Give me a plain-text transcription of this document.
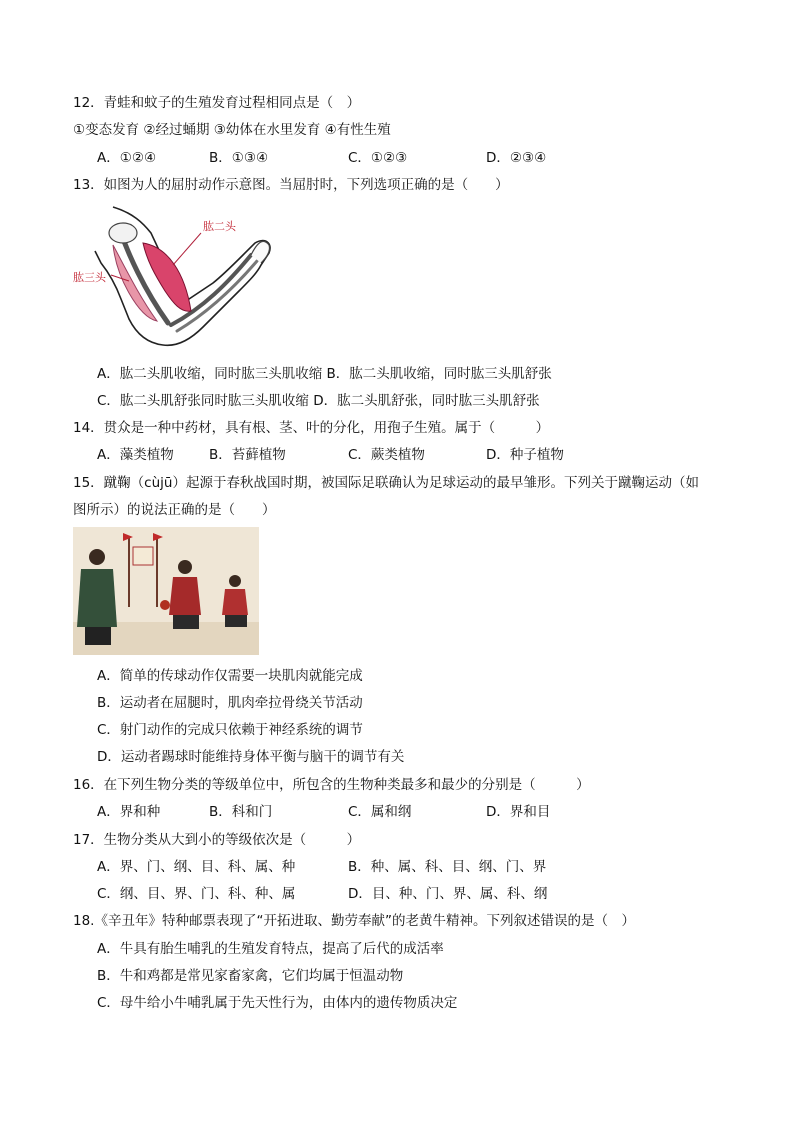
12．青蛙和蚊子的生殖发育过程相同点是（　）
①变态发育 ②经过蛹期 ③幼体在水里发育 ④有性生殖
A．①②④	B．①③④	C．①②③	D．②③④
13．如图为人的屈肘动作示意图。当屈肘时，下列选项正确的是（　　）
肱二头
肱三头
A．肱二头肌收缩，同时肱三头肌收缩 B．肱二头肌收缩，同时肱三头肌舒张
C．肱二头肌舒张同时肱三头肌收缩 D．肱二头肌舒张，同时肱三头肌舒张
14．贯众是一种中药材，具有根、茎、叶的分化，用孢子生殖。属于（　　　）
A．藻类植物	B．苔藓植物	C．蕨类植物	D．种子植物
15．蹴鞠（cùjū）起源于春秋战国时期，被国际足联确认为足球运动的最早雏形。下列关于蹴鞠运动（如
图所示）的说法正确的是（　　）
A．简单的传球动作仅需要一块肌肉就能完成
B．运动者在屈腿时，肌肉牵拉骨绕关节活动
C．射门动作的完成只依赖于神经系统的调节
D．运动者踢球时能维持身体平衡与脑干的调节有关
16．在下列生物分类的等级单位中，所包含的生物种类最多和最少的分别是（　　　）
A．界和种	B．科和门	C．属和纲	D．界和目
17．生物分类从大到小的等级依次是（　　　）
A．界、门、纲、目、科、属、种	B．种、属、科、目、纲、门、界
C．纲、目、界、门、科、种、属	D．目、种、门、界、属、科、纲
18.《辛丑年》特种邮票表现了“开拓进取、勤劳奉献”的老黄牛精神。下列叙述错误的是（　）
A．牛具有胎生哺乳的生殖发育特点，提高了后代的成活率
B．牛和鸡都是常见家畜家禽，它们均属于恒温动物
C．母牛给小牛哺乳属于先天性行为，由体内的遗传物质决定
